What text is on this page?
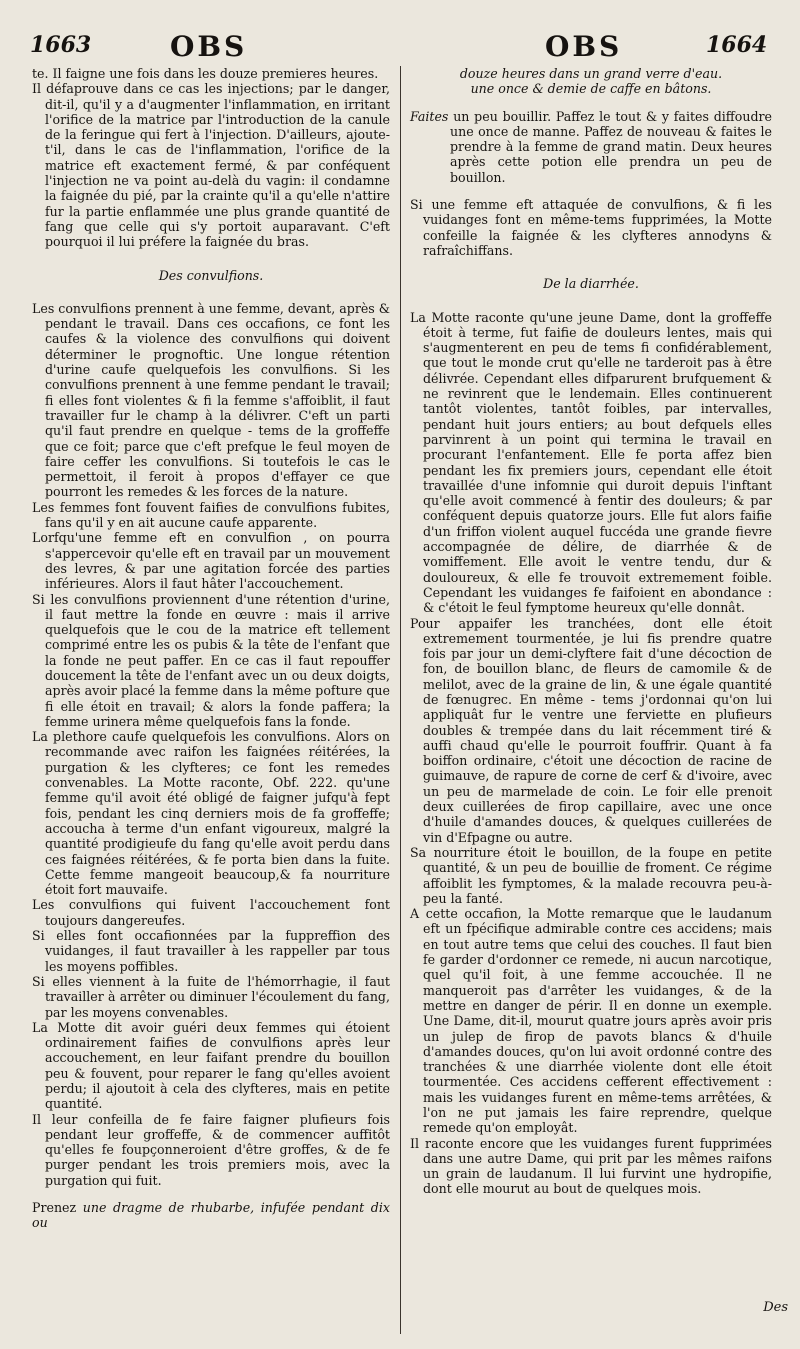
1663	OBS	OBS	1664

te. Il faigne une fois dans les douze premieres heures.

Il défaprouve dans ce cas les injections; par le danger, dit-il, qu'il y a d'augmenter l'inflammation, en irritant l'orifice de la matrice par l'introduction de la canule de la feringue qui fert à l'injection. D'ailleurs, ajoute-t'il, dans le cas de l'inflammation, l'orifice de la matrice eft exactement fermé, & par conféquent l'injection ne va point au-delà du vagin: il condamne la faignée du pié, par la crainte qu'il a qu'elle n'attire fur la partie enflammée une plus grande quantité de fang que celle qui s'y portoit auparavant. C'eft pourquoi il lui préfere la faignée du bras.

Des convulfions.

Les convulfions prennent à une femme, devant, après & pendant le travail. Dans ces occafions, ce font les caufes & la violence des convulfions qui doivent déterminer le prognoftic. Une longue rétention d'urine caufe quelquefois les convulfions. Si les convulfions prennent à une femme pendant le travail; fi elles font violentes & fi la femme s'affoiblit, il faut travailler fur le champ à la délivrer. C'eft un parti qu'il faut prendre en quelque - tems de la groffeffe que ce foit; parce que c'eft prefque le feul moyen de faire ceffer les convulfions. Si toutefois le cas le permettoit, il feroit à propos d'effayer ce que pourront les remedes & les forces de la nature.

Les femmes font fouvent faifies de convulfions fubites, fans qu'il y en ait aucune caufe apparente.

Lorfqu'une femme eft en convulfion , on pourra s'appercevoir qu'elle eft en travail par un mouvement des levres, & par une agitation forcée des parties inférieures. Alors il faut hâter l'accouchement.

Si les convulfions proviennent d'une rétention d'urine, il faut mettre la fonde en œuvre : mais il arrive quelquefois que le cou de la matrice eft tellement comprimé entre les os pubis & la tête de l'enfant que la fonde ne peut paffer. En ce cas il faut repouffer doucement la tête de l'enfant avec un ou deux doigts, après avoir placé la femme dans la même pofture que fi elle étoit en travail; & alors la fonde paffera; la femme urinera même quelquefois fans la fonde.

La plethore caufe quelquefois les convulfions. Alors on recommande avec raifon les faignées réitérées, la purgation & les clyfteres; ce font les remedes convenables. La Motte raconte, Obf. 222. qu'une femme qu'il avoit été obligé de faigner jufqu'à fept fois, pendant les cinq derniers mois de fa groffeffe; accoucha à terme d'un enfant vigoureux, malgré la quantité prodigieufe du fang qu'elle avoit perdu dans ces faignées réitérées, & fe porta bien dans la fuite. Cette femme mangeoit beaucoup,& fa nourriture étoit fort mauvaife.

Les convulfions qui fuivent l'accouchement font toujours dangereufes.

Si elles font occafionnées par la fuppreffion des vuidanges, il faut travailler à les rappeller par tous les moyens poffibles.

Si elles viennent à la fuite de l'hémorrhagie, il faut travailler à arrêter ou diminuer l'écoulement du fang, par les moyens convenables.

La Motte dit avoir guéri deux femmes qui étoient ordinairement faifies de convulfions après leur accouchement, en leur faifant prendre du bouillon peu & fouvent, pour reparer le fang qu'elles avoient perdu; il ajoutoit à cela des clyfteres, mais en petite quantité.

Il leur confeilla de fe faire faigner plufieurs fois pendant leur groffeffe, & de commencer auffitôt qu'elles fe foupçonneroient d'être groffes, & de fe purger pendant les trois premiers mois, avec la purgation qui fuit.

Prenez une dragme de rhubarbe, infufée pendant dix ou

douze heures dans un grand verre d'eau.

une once & demie de caffe en bâtons.

Faites un peu bouillir. Paffez le tout & y faites diffoudre une once de manne. Paffez de nouveau & faites le prendre à la femme de grand matin. Deux heures après cette potion elle prendra un peu de bouillon.

Si une femme eft attaquée de convulfions, & fi les vuidanges font en même-tems fupprimées, la Motte confeille la faignée & les clyfteres annodyns & rafraîchiffans.

De la diarrhée.

La Motte raconte qu'une jeune Dame, dont la groffeffe étoit à terme, fut faifie de douleurs lentes, mais qui s'augmenterent en peu de tems fi confidérablement, que tout le monde crut qu'elle ne tarderoit pas à être délivrée. Cependant elles difparurent brufquement & ne revinrent que le lendemain. Elles continuerent tantôt violentes, tantôt foibles, par intervalles, pendant huit jours entiers; au bout defquels elles parvinrent à un point qui termina le travail en procurant l'enfantement. Elle fe porta affez bien pendant les fix premiers jours, cependant elle étoit travaillée d'une infomnie qui duroit depuis l'inftant qu'elle avoit commencé à fentir des douleurs; & par conféquent depuis quatorze jours. Elle fut alors faifie d'un friffon violent auquel fuccéda une grande fievre accompagnée de délire, de diarrhée & de vomiffement. Elle avoit le ventre tendu, dur & douloureux, & elle fe trouvoit extremement foible. Cependant les vuidanges fe faifoient en abondance : & c'étoit le feul fymptome heureux qu'elle donnât.

Pour appaifer les tranchées, dont elle étoit extremement tourmentée, je lui fis prendre quatre fois par jour un demi-clyftere fait d'une décoction de fon, de bouillon blanc, de fleurs de camomile & de melilot, avec de la graine de lin, & une égale quantité de fœnugrec. En même - tems j'ordonnai qu'on lui appliquât fur le ventre une ferviette en plufieurs doubles & trempée dans du lait récemment tiré & auffi chaud qu'elle le pourroit fouffrir. Quant à fa boiffon ordinaire, c'étoit une décoction de racine de guimauve, de rapure de corne de cerf & d'ivoire, avec un peu de marmelade de coin. Le foir elle prenoit deux cuillerées de firop capillaire, avec une once d'huile d'amandes douces, & quelques cuillerées de vin d'Efpagne ou autre.

Sa nourriture étoit le bouillon, de la foupe en petite quantité, & un peu de bouillie de froment. Ce régime affoiblit les fymptomes, & la malade recouvra peu-à-peu la fanté.

A cette occafion, la Motte remarque que le laudanum eft un fpécifique admirable contre ces accidens; mais en tout autre tems que celui des couches. Il faut bien fe garder d'ordonner ce remede, ni aucun narcotique, quel qu'il foit, à une femme accouchée. Il ne manqueroit pas d'arrêter les vuidanges, & de la mettre en danger de périr. Il en donne un exemple. Une Dame, dit-il, mourut quatre jours après avoir pris un julep de firop de pavots blancs & d'huile d'amandes douces, qu'on lui avoit ordonné contre des tranchées & une diarrhée violente dont elle étoit tourmentée. Ces accidens cefferent effectivement : mais les vuidanges furent en même-tems arrêtées, & l'on ne put jamais les faire reprendre, quelque remede qu'on employât.

Il raconte encore que les vuidanges furent fupprimées dans une autre Dame, qui prit par les mêmes raifons un grain de laudanum. Il lui furvint une hydropifie, dont elle mourut au bout de quelques mois.

Des
